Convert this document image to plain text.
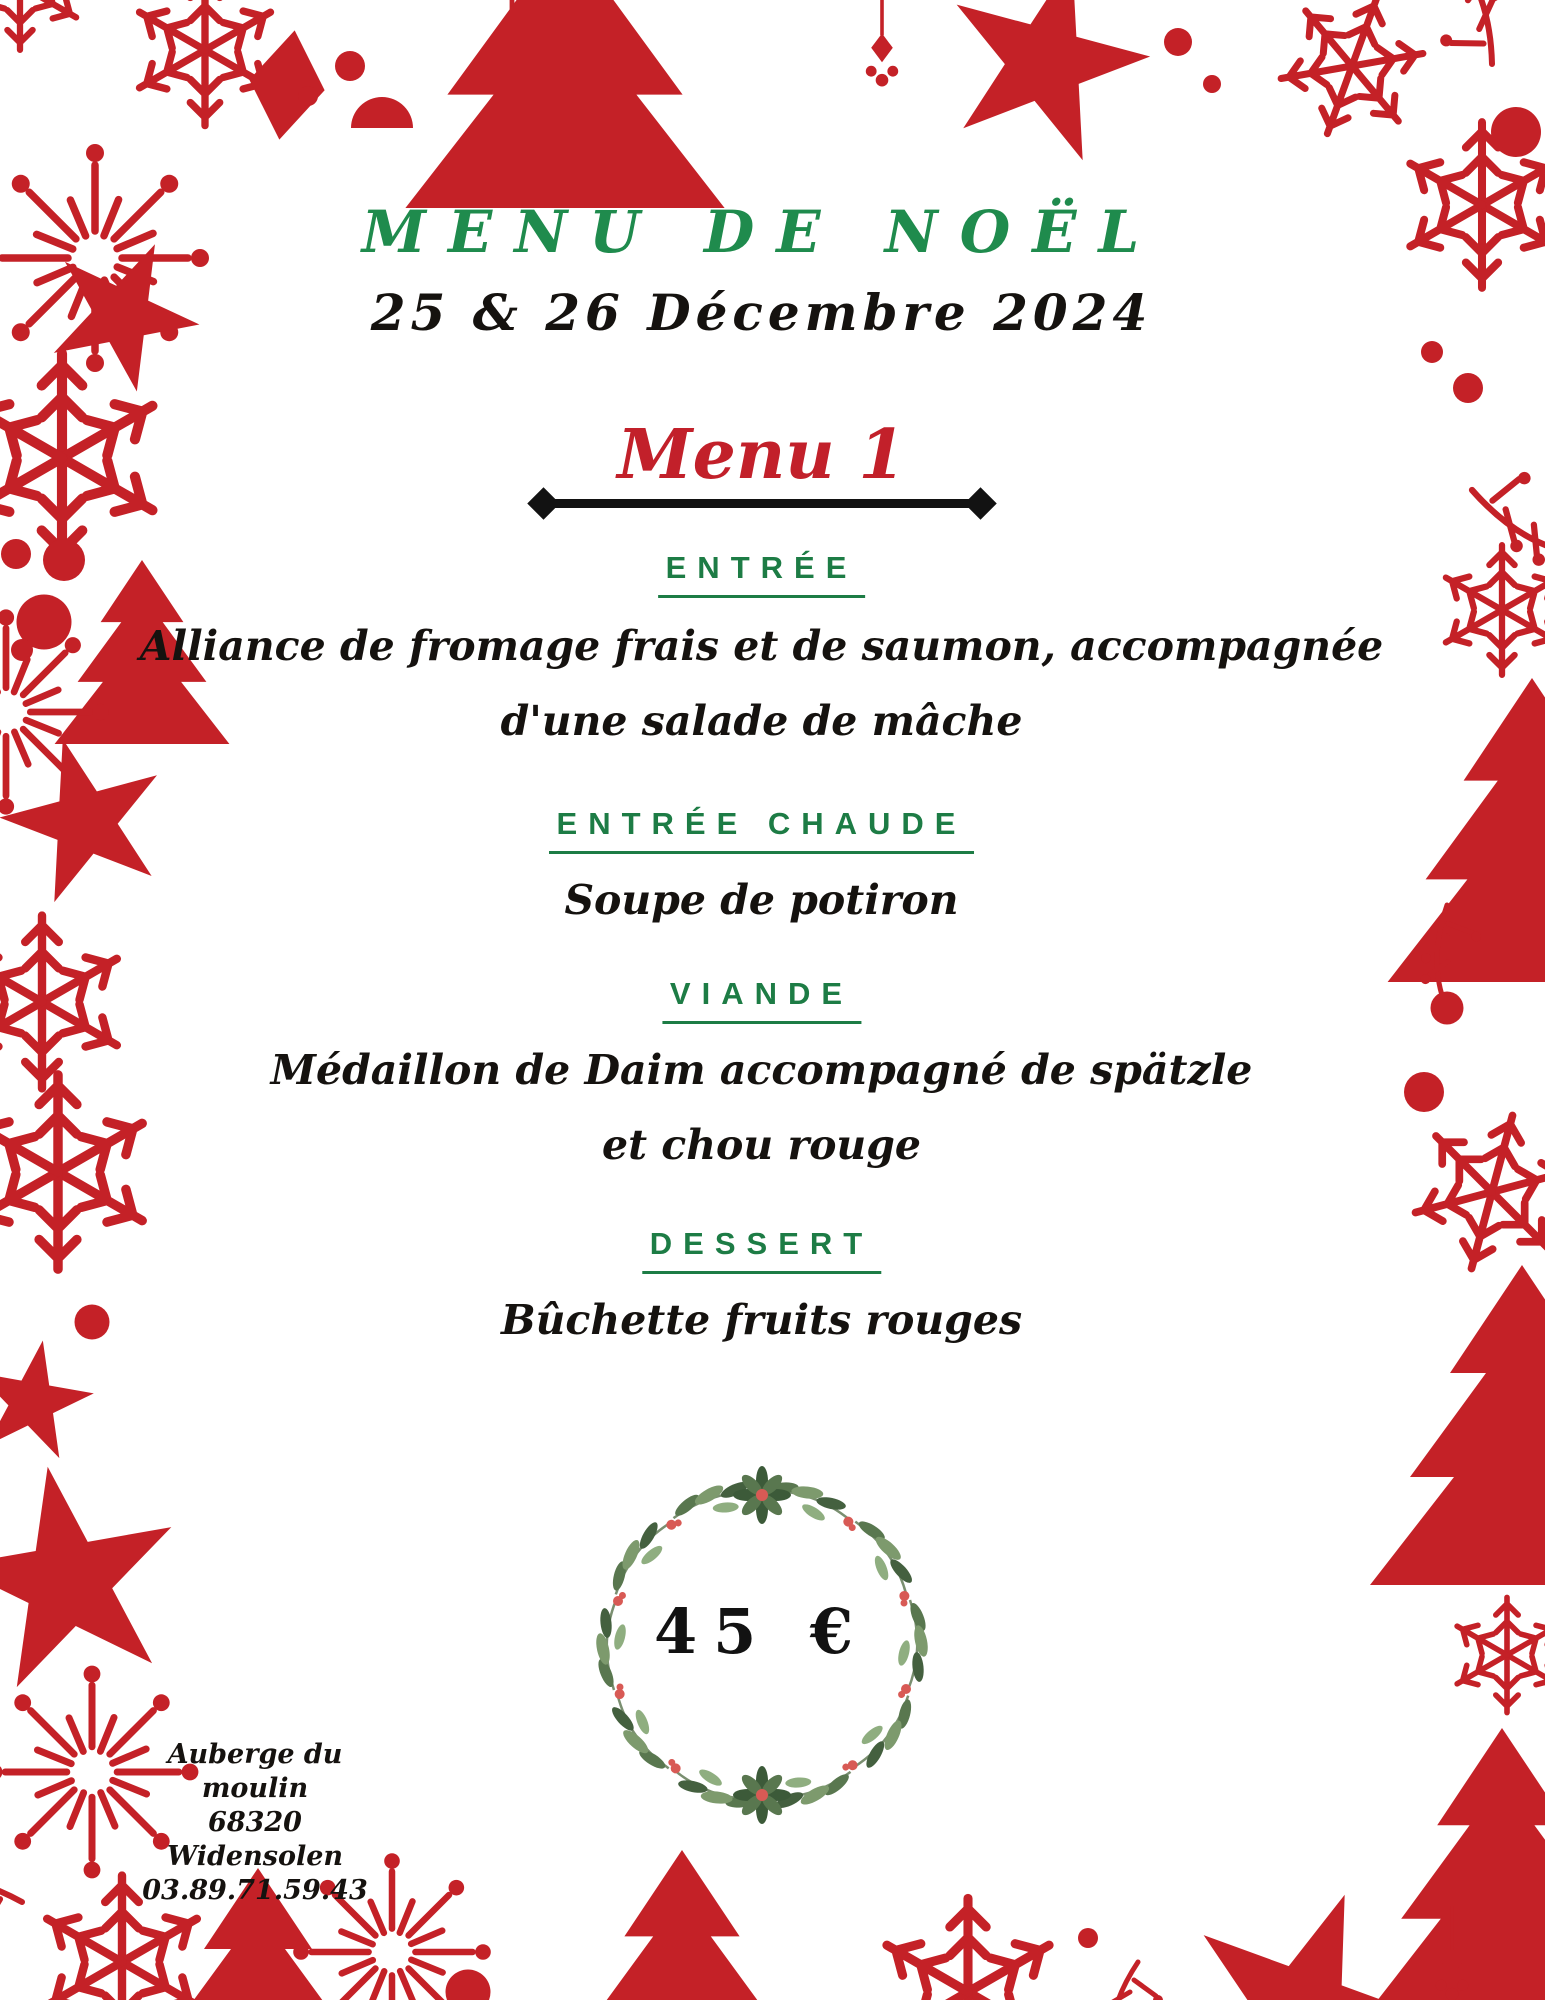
MENU DE NOËL
25 & 26 Décembre 2024
Menu 1
ENTRÉE
Alliance de fromage frais et de saumon, accompagnée
d'une salade de mâche
ENTRÉE CHAUDE
Soupe de potiron
VIANDE
Médaillon de Daim accompagné de spätzle
et chou rouge
DESSERT
Bûchette fruits rouges
45 €
Auberge du moulin
68320 Widensolen
03.89.71.59.43
